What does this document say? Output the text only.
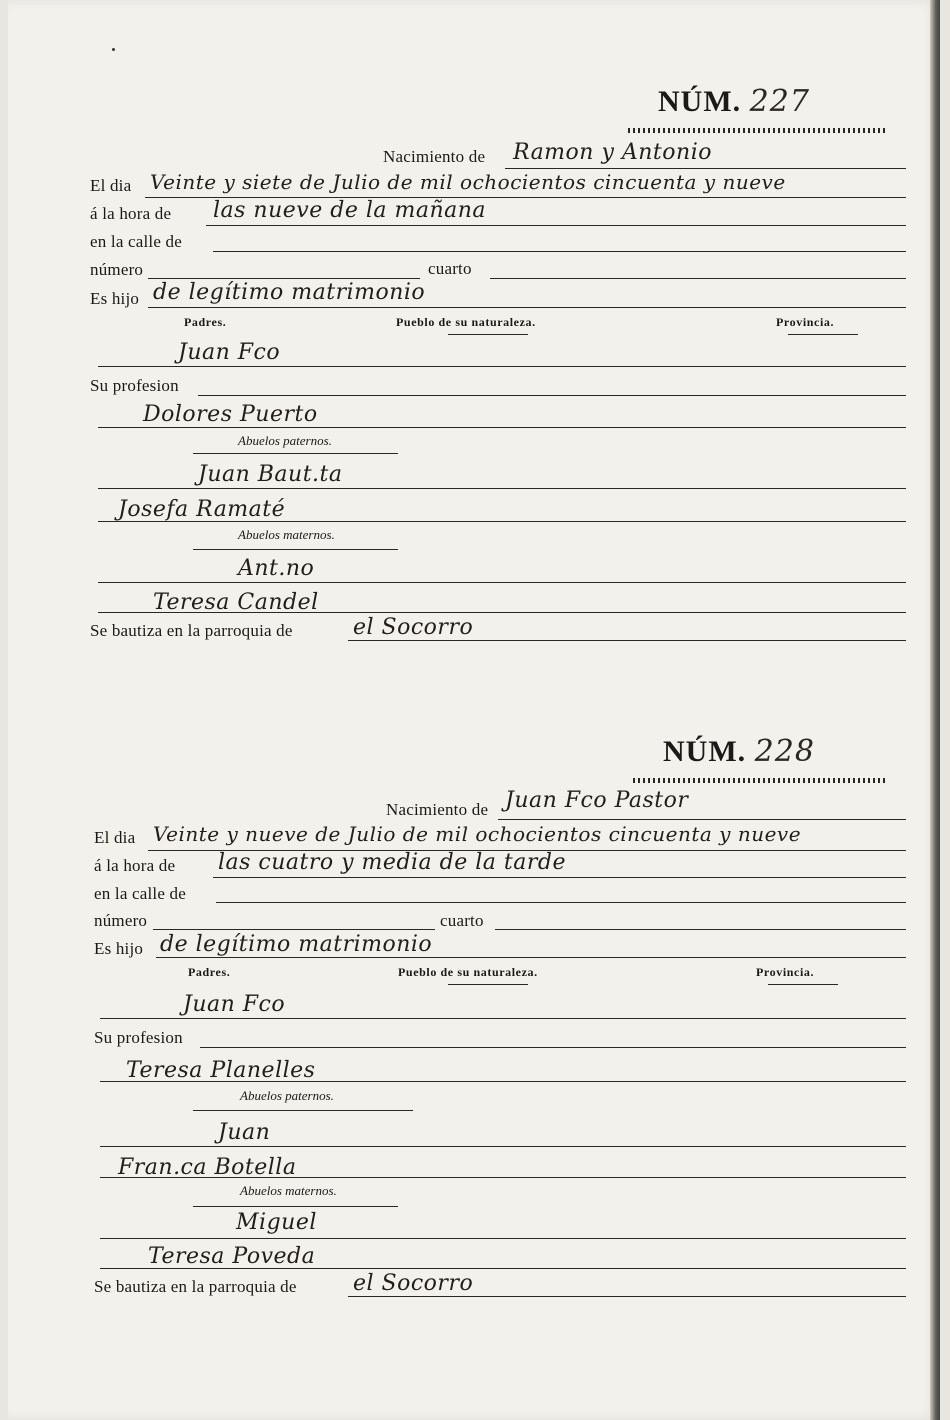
NÚM. 227
Nacimiento de Ramon y Antonio
El dia Veinte y siete de Julio de mil ochocientos cincuenta y nueve
á la hora de las nueve de la mañana
en la calle de
número	cuarto
Es hijo de legítimo matrimonio
Padres.	Pueblo de su naturaleza.	Provincia.
Juan Fco
Su profesion
Dolores Puerto
Abuelos paternos.
Juan Baut.ta
Josefa Ramaté
Abuelos maternos.
Ant.no
Teresa Candel
Se bautiza en la parroquia de	el Socorro
NÚM. 228
Nacimiento de Juan Fco Pastor
El dia Veinte y nueve de Julio de mil ochocientos cincuenta y nueve
á la hora de las cuatro y media de la tarde
en la calle de
número	cuarto
Es hijo de legítimo matrimonio
Padres.	Pueblo de su naturaleza.	Provincia.
Juan Fco
Su profesion
Teresa Planelles
Abuelos paternos.
Juan
Fran.ca Botella
Abuelos maternos.
Miguel
Teresa Poveda
Se bautiza en la parroquia de	el Socorro
